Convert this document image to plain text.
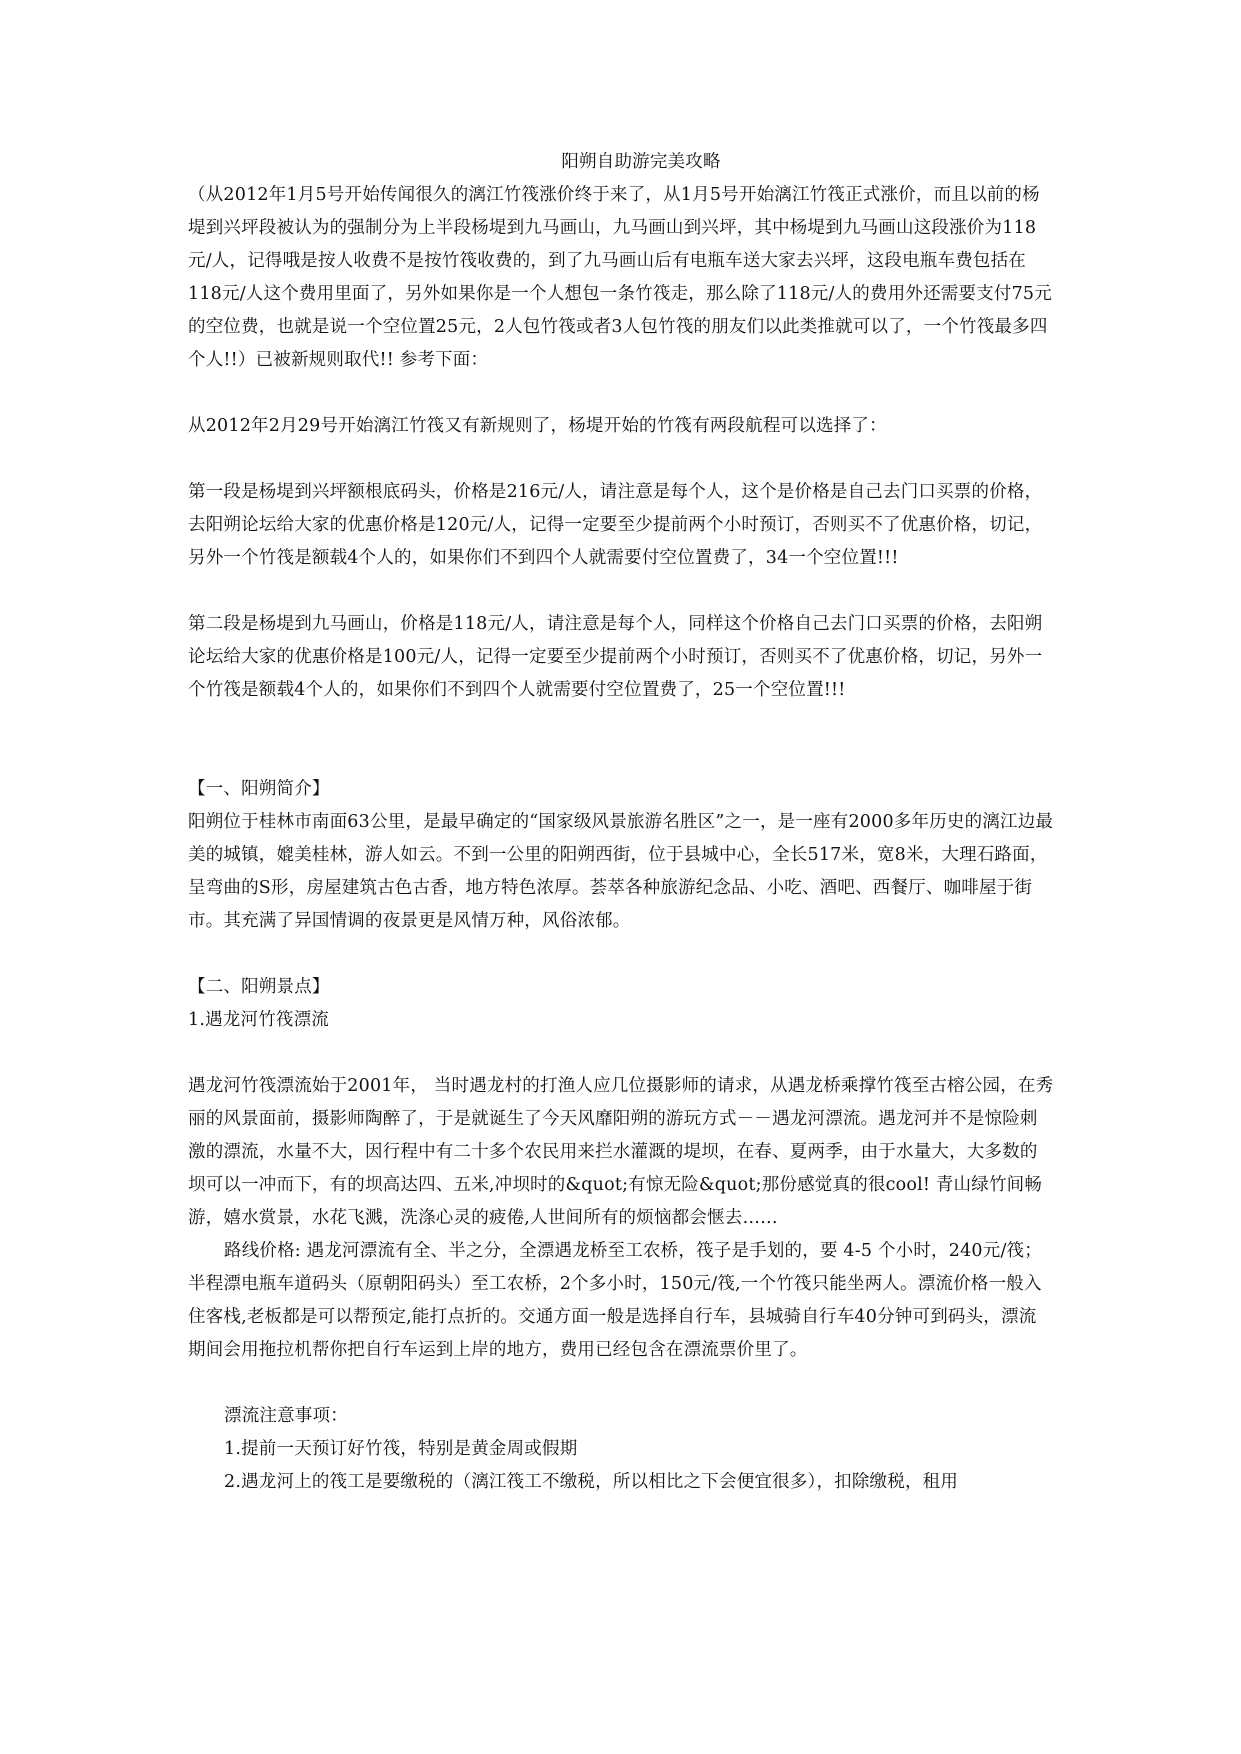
阳朔自助游完美攻略

（从2012年1月5号开始传闻很久的漓江竹筏涨价终于来了，从1月5号开始漓江竹筏正式涨价，而且以前的杨堤到兴坪段被认为的强制分为上半段杨堤到九马画山，九马画山到兴坪，其中杨堤到九马画山这段涨价为118元/人，记得哦是按人收费不是按竹筏收费的，到了九马画山后有电瓶车送大家去兴坪，这段电瓶车费包括在118元/人这个费用里面了，另外如果你是一个人想包一条竹筏走，那么除了118元/人的费用外还需要支付75元的空位费，也就是说一个空位置25元，2人包竹筏或者3人包竹筏的朋友们以此类推就可以了，一个竹筏最多四个人!!）已被新规则取代!! 参考下面：

从2012年2月29号开始漓江竹筏又有新规则了，杨堤开始的竹筏有两段航程可以选择了：

第一段是杨堤到兴坪额根底码头，价格是216元/人，请注意是每个人，这个是价格是自己去门口买票的价格，去阳朔论坛给大家的优惠价格是120元/人，记得一定要至少提前两个小时预订，否则买不了优惠价格，切记，另外一个竹筏是额载4个人的，如果你们不到四个人就需要付空位置费了，34一个空位置!!!

第二段是杨堤到九马画山，价格是118元/人，请注意是每个人，同样这个价格自己去门口买票的价格，去阳朔论坛给大家的优惠价格是100元/人，记得一定要至少提前两个小时预订，否则买不了优惠价格，切记，另外一个竹筏是额载4个人的，如果你们不到四个人就需要付空位置费了，25一个空位置!!!

【一、阳朔简介】

阳朔位于桂林市南面63公里，是最早确定的“国家级风景旅游名胜区”之一，是一座有2000多年历史的漓江边最美的城镇，媲美桂林，游人如云。不到一公里的阳朔西街，位于县城中心，全长517米，宽8米，大理石路面，呈弯曲的S形，房屋建筑古色古香，地方特色浓厚。荟萃各种旅游纪念品、小吃、酒吧、西餐厅、咖啡屋于街市。其充满了异国情调的夜景更是风情万种，风俗浓郁。

【二、阳朔景点】

1.遇龙河竹筏漂流

遇龙河竹筏漂流始于2001年， 当时遇龙村的打渔人应几位摄影师的请求，从遇龙桥乘撑竹筏至古榕公园，在秀丽的风景面前，摄影师陶醉了，于是就诞生了今天风靡阳朔的游玩方式－－遇龙河漂流。遇龙河并不是惊险刺激的漂流，水量不大，因行程中有二十多个农民用来拦水灌溉的堤坝，在春、夏两季，由于水量大，大多数的坝可以一冲而下，有的坝高达四、五米,冲坝时的&quot;有惊无险&quot;那份感觉真的很cool! 青山绿竹间畅游，嬉水赏景，水花飞溅，洗涤心灵的疲倦,人世间所有的烦恼都会惬去……

路线价格: 遇龙河漂流有全、半之分，全漂遇龙桥至工农桥，筏子是手划的，要 4-5 个小时，240元/筏；半程漂电瓶车道码头（原朝阳码头）至工农桥，2个多小时，150元/筏,一个竹筏只能坐两人。漂流价格一般入住客栈,老板都是可以帮预定,能打点折的。交通方面一般是选择自行车，县城骑自行车40分钟可到码头，漂流期间会用拖拉机帮你把自行车运到上岸的地方，费用已经包含在漂流票价里了。

漂流注意事项：

1.提前一天预订好竹筏，特别是黄金周或假期

2.遇龙河上的筏工是要缴税的（漓江筏工不缴税，所以相比之下会便宜很多），扣除缴税，租用
